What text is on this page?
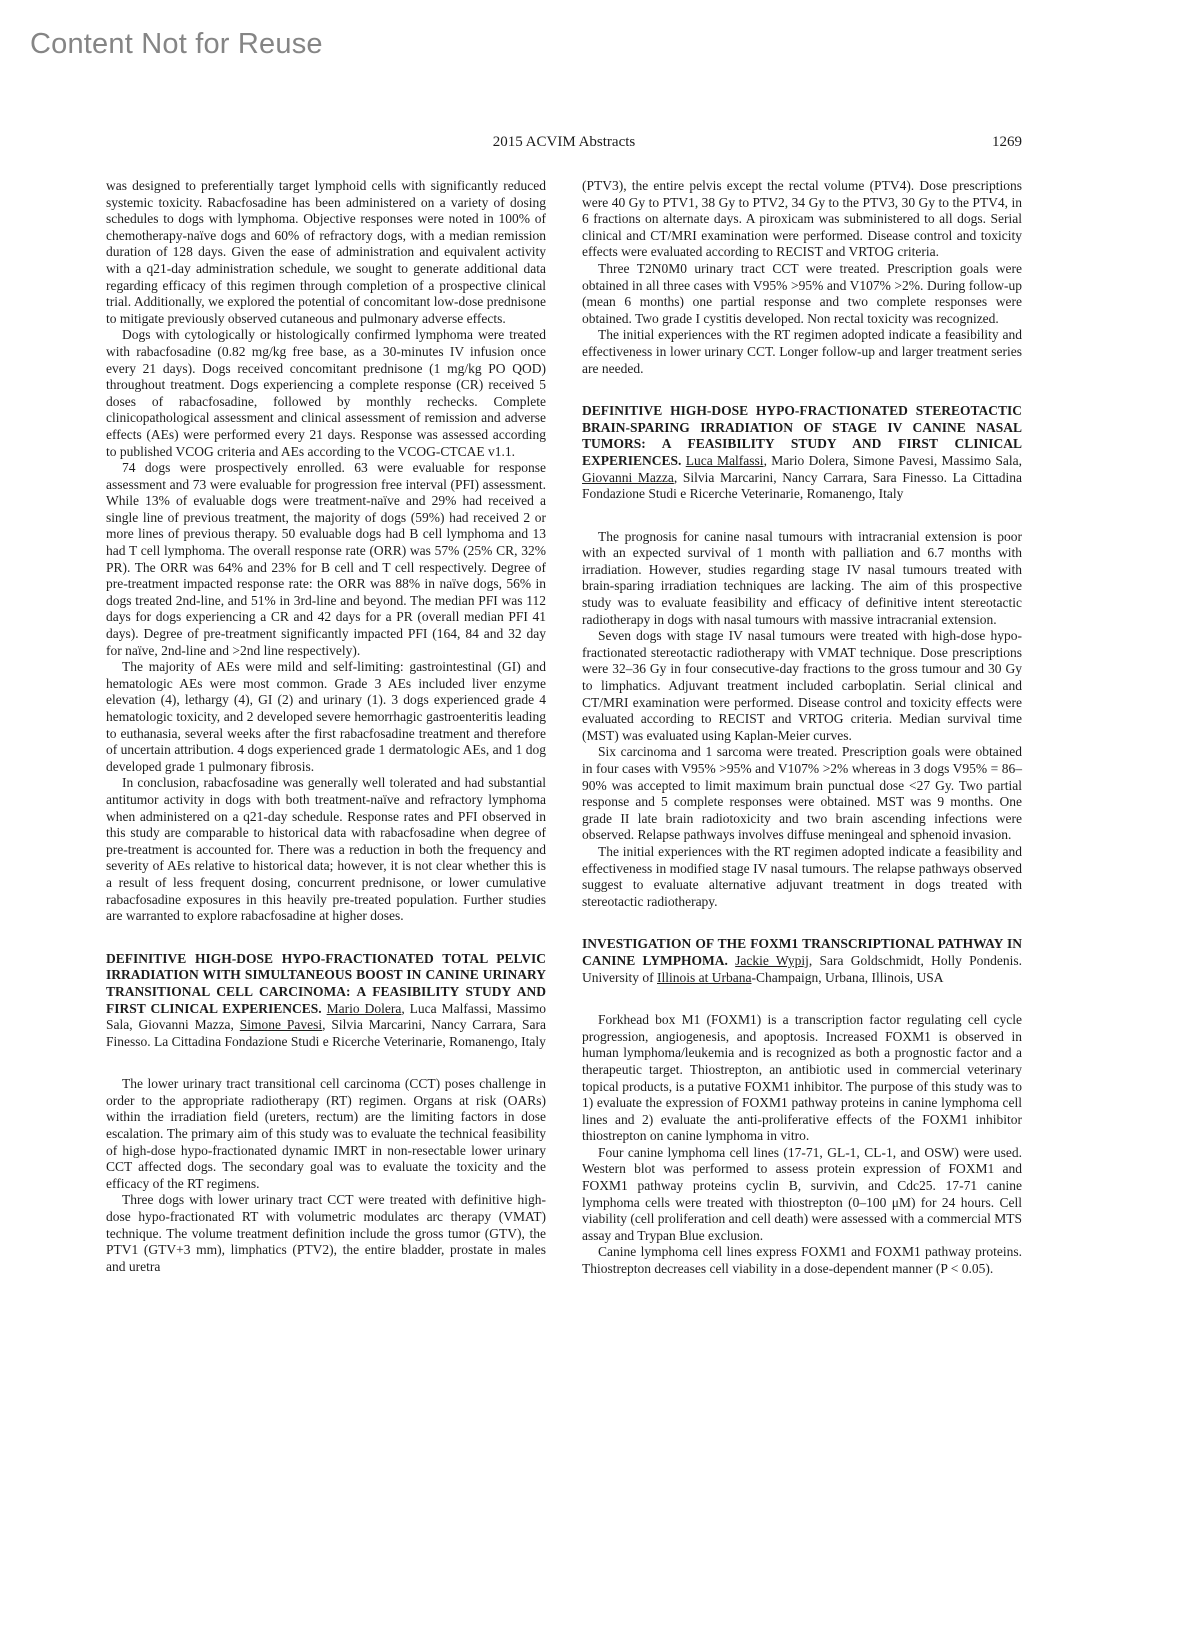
Content Not for Reuse
2015 ACVIM Abstracts	1269

was designed to preferentially target lymphoid cells with significantly reduced systemic toxicity. Rabacfosadine has been administered on a variety of dosing schedules to dogs with lymphoma. Objective responses were noted in 100% of chemotherapy-naïve dogs and 60% of refractory dogs, with a median remission duration of 128 days. Given the ease of administration and equivalent activity with a q21-day administration schedule, we sought to generate additional data regarding efficacy of this regimen through completion of a prospective clinical trial. Additionally, we explored the potential of concomitant low-dose prednisone to mitigate previously observed cutaneous and pulmonary adverse effects.

Dogs with cytologically or histologically confirmed lymphoma were treated with rabacfosadine (0.82 mg/kg free base, as a 30-minutes IV infusion once every 21 days). Dogs received concomitant prednisone (1 mg/kg PO QOD) throughout treatment. Dogs experiencing a complete response (CR) received 5 doses of rabacfosadine, followed by monthly rechecks. Complete clinicopathological assessment and clinical assessment of remission and adverse effects (AEs) were performed every 21 days. Response was assessed according to published VCOG criteria and AEs according to the VCOG-CTCAE v1.1.

74 dogs were prospectively enrolled. 63 were evaluable for response assessment and 73 were evaluable for progression free interval (PFI) assessment. While 13% of evaluable dogs were treatment-naïve and 29% had received a single line of previous treatment, the majority of dogs (59%) had received 2 or more lines of previous therapy. 50 evaluable dogs had B cell lymphoma and 13 had T cell lymphoma. The overall response rate (ORR) was 57% (25% CR, 32% PR). The ORR was 64% and 23% for B cell and T cell respectively. Degree of pre-treatment impacted response rate: the ORR was 88% in naïve dogs, 56% in dogs treated 2nd-line, and 51% in 3rd-line and beyond. The median PFI was 112 days for dogs experiencing a CR and 42 days for a PR (overall median PFI 41 days). Degree of pre-treatment significantly impacted PFI (164, 84 and 32 day for naïve, 2nd-line and >2nd line respectively).

The majority of AEs were mild and self-limiting: gastrointestinal (GI) and hematologic AEs were most common. Grade 3 AEs included liver enzyme elevation (4), lethargy (4), GI (2) and urinary (1). 3 dogs experienced grade 4 hematologic toxicity, and 2 developed severe hemorrhagic gastroenteritis leading to euthanasia, several weeks after the first rabacfosadine treatment and therefore of uncertain attribution. 4 dogs experienced grade 1 dermatologic AEs, and 1 dog developed grade 1 pulmonary fibrosis.

In conclusion, rabacfosadine was generally well tolerated and had substantial antitumor activity in dogs with both treatment-naïve and refractory lymphoma when administered on a q21-day schedule. Response rates and PFI observed in this study are comparable to historical data with rabacfosadine when degree of pre-treatment is accounted for. There was a reduction in both the frequency and severity of AEs relative to historical data; however, it is not clear whether this is a result of less frequent dosing, concurrent prednisone, or lower cumulative rabacfosadine exposures in this heavily pre-treated population. Further studies are warranted to explore rabacfosadine at higher doses.

DEFINITIVE HIGH-DOSE HYPO-FRACTIONATED TOTAL PELVIC IRRADIATION WITH SIMULTANEOUS BOOST IN CANINE URINARY TRANSITIONAL CELL CARCINOMA: A FEASIBILITY STUDY AND FIRST CLINICAL EXPERIENCES. Mario Dolera, Luca Malfassi, Massimo Sala, Giovanni Mazza, Simone Pavesi, Silvia Marcarini, Nancy Carrara, Sara Finesso. La Cittadina Fondazione Studi e Ricerche Veterinarie, Romanengo, Italy

The lower urinary tract transitional cell carcinoma (CCT) poses challenge in order to the appropriate radiotherapy (RT) regimen. Organs at risk (OARs) within the irradiation field (ureters, rectum) are the limiting factors in dose escalation. The primary aim of this study was to evaluate the technical feasibility of high-dose hypo-fractionated dynamic IMRT in non-resectable lower urinary CCT affected dogs. The secondary goal was to evaluate the toxicity and the efficacy of the RT regimens.

Three dogs with lower urinary tract CCT were treated with definitive high-dose hypo-fractionated RT with volumetric modulates arc therapy (VMAT) technique. The volume treatment definition include the gross tumor (GTV), the PTV1 (GTV+3 mm), limphatics (PTV2), the entire bladder, prostate in males and uretra

(PTV3), the entire pelvis except the rectal volume (PTV4). Dose prescriptions were 40 Gy to PTV1, 38 Gy to PTV2, 34 Gy to the PTV3, 30 Gy to the PTV4, in 6 fractions on alternate days. A piroxicam was subministered to all dogs. Serial clinical and CT/MRI examination were performed. Disease control and toxicity effects were evaluated according to RECIST and VRTOG criteria.

Three T2N0M0 urinary tract CCT were treated. Prescription goals were obtained in all three cases with V95% >95% and V107% >2%. During follow-up (mean 6 months) one partial response and two complete responses were obtained. Two grade I cystitis developed. Non rectal toxicity was recognized.

The initial experiences with the RT regimen adopted indicate a feasibility and effectiveness in lower urinary CCT. Longer follow-up and larger treatment series are needed.

DEFINITIVE HIGH-DOSE HYPO-FRACTIONATED STEREOTACTIC BRAIN-SPARING IRRADIATION OF STAGE IV CANINE NASAL TUMORS: A FEASIBILITY STUDY AND FIRST CLINICAL EXPERIENCES. Luca Malfassi, Mario Dolera, Simone Pavesi, Massimo Sala, Giovanni Mazza, Silvia Marcarini, Nancy Carrara, Sara Finesso. La Cittadina Fondazione Studi e Ricerche Veterinarie, Romanengo, Italy

The prognosis for canine nasal tumours with intracranial extension is poor with an expected survival of 1 month with palliation and 6.7 months with irradiation. However, studies regarding stage IV nasal tumours treated with brain-sparing irradiation techniques are lacking. The aim of this prospective study was to evaluate feasibility and efficacy of definitive intent stereotactic radiotherapy in dogs with nasal tumours with massive intracranial extension.

Seven dogs with stage IV nasal tumours were treated with high-dose hypo-fractionated stereotactic radiotherapy with VMAT technique. Dose prescriptions were 32–36 Gy in four consecutive-day fractions to the gross tumour and 30 Gy to limphatics. Adjuvant treatment included carboplatin. Serial clinical and CT/MRI examination were performed. Disease control and toxicity effects were evaluated according to RECIST and VRTOG criteria. Median survival time (MST) was evaluated using Kaplan-Meier curves.

Six carcinoma and 1 sarcoma were treated. Prescription goals were obtained in four cases with V95% >95% and V107% >2% whereas in 3 dogs V95% = 86–90% was accepted to limit maximum brain punctual dose <27 Gy. Two partial response and 5 complete responses were obtained. MST was 9 months. One grade II late brain radiotoxicity and two brain ascending infections were observed. Relapse pathways involves diffuse meningeal and sphenoid invasion.

The initial experiences with the RT regimen adopted indicate a feasibility and effectiveness in modified stage IV nasal tumours. The relapse pathways observed suggest to evaluate alternative adjuvant treatment in dogs treated with stereotactic radiotherapy.

INVESTIGATION OF THE FOXM1 TRANSCRIPTIONAL PATHWAY IN CANINE LYMPHOMA. Jackie Wypij, Sara Goldschmidt, Holly Pondenis. University of Illinois at Urbana-Champaign, Urbana, Illinois, USA

Forkhead box M1 (FOXM1) is a transcription factor regulating cell cycle progression, angiogenesis, and apoptosis. Increased FOXM1 is observed in human lymphoma/leukemia and is recognized as both a prognostic factor and a therapeutic target. Thiostrepton, an antibiotic used in commercial veterinary topical products, is a putative FOXM1 inhibitor. The purpose of this study was to 1) evaluate the expression of FOXM1 pathway proteins in canine lymphoma cell lines and 2) evaluate the anti-proliferative effects of the FOXM1 inhibitor thiostrepton on canine lymphoma in vitro.

Four canine lymphoma cell lines (17-71, GL-1, CL-1, and OSW) were used. Western blot was performed to assess protein expression of FOXM1 and FOXM1 pathway proteins cyclin B, survivin, and Cdc25. 17-71 canine lymphoma cells were treated with thiostrepton (0–100 μM) for 24 hours. Cell viability (cell proliferation and cell death) were assessed with a commercial MTS assay and Trypan Blue exclusion.

Canine lymphoma cell lines express FOXM1 and FOXM1 pathway proteins. Thiostrepton decreases cell viability in a dose-dependent manner (P < 0.05).
